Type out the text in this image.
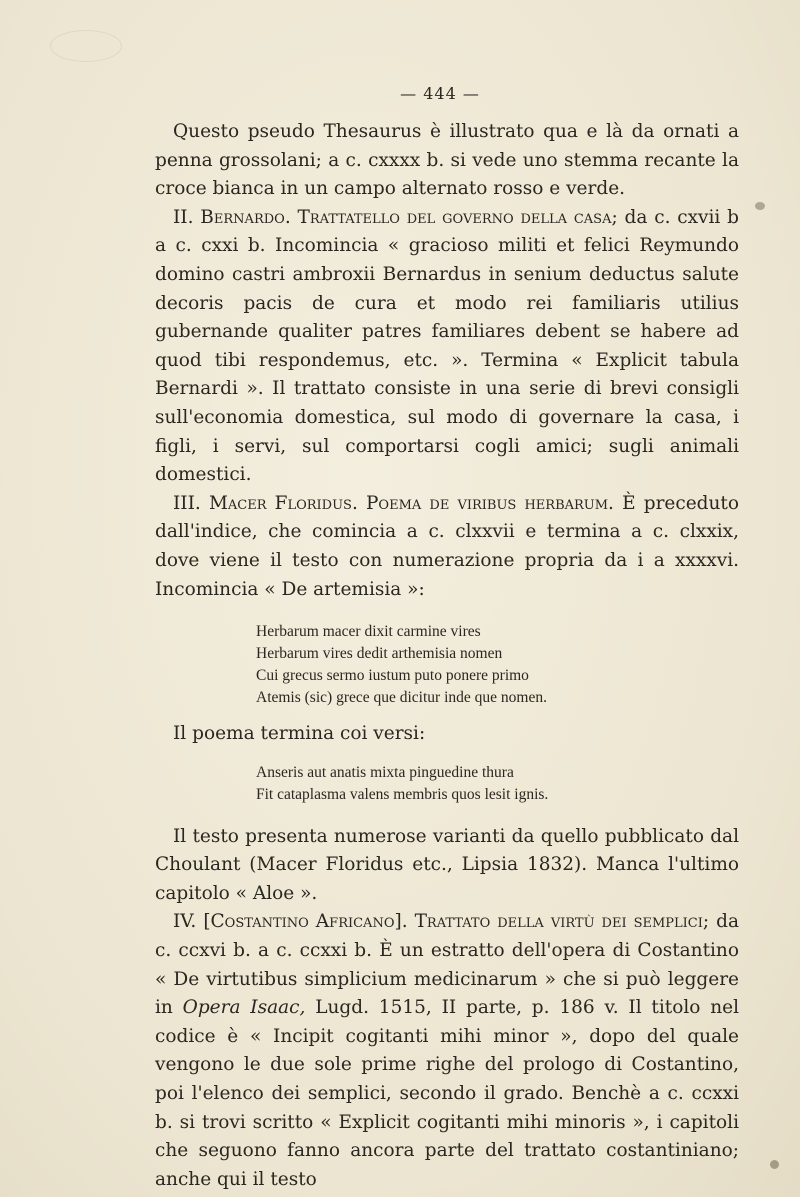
— 444 —

Questo pseudo Thesaurus è illustrato qua e là da ornati a penna grossolani; a c. cxxxx b. si vede uno stemma recante la croce bianca in un campo alternato rosso e verde.

II. Bernardo. Trattatello del governo della casa; da c. cxvii b a c. cxxi b. Incomincia « gracioso militi et felici Reymundo domino castri ambroxii Bernardus in senium deductus salute decoris pacis de cura et modo rei familiaris utilius gubernande qualiter patres familiares debent se habere ad quod tibi respondemus, etc. ». Termina « Explicit tabula Bernardi ». Il trattato consiste in una serie di brevi consigli sull'economia domestica, sul modo di governare la casa, i figli, i servi, sul comportarsi cogli amici; sugli animali domestici.

III. Macer Floridus. Poema de viribus herbarum. È preceduto dall'indice, che comincia a c. clxxvii e termina a c. clxxix, dove viene il testo con numerazione propria da i a xxxxvi. Incomincia « De artemisia »:

Herbarum macer dixit carmine vires
Herbarum vires dedit arthemisia nomen
Cui grecus sermo iustum puto ponere primo
Atemis (sic) grece que dicitur inde que nomen.

Il poema termina coi versi:

Anseris aut anatis mixta pinguedine thura
Fit cataplasma valens membris quos lesit ignis.

Il testo presenta numerose varianti da quello pubblicato dal Choulant (Macer Floridus etc., Lipsia 1832). Manca l'ultimo capitolo « Aloe ».

IV. [Costantino Africano]. Trattato della virtù dei semplici; da c. ccxvi b. a c. ccxxi b. È un estratto dell'opera di Costantino « De virtutibus simplicium medicinarum » che si può leggere in Opera Isaac, Lugd. 1515, II parte, p. 186 v. Il titolo nel codice è « Incipit cogitanti mihi minor », dopo del quale vengono le due sole prime righe del prologo di Costantino, poi l'elenco dei semplici, secondo il grado. Benchè a c. ccxxi b. si trovi scritto « Explicit cogitanti mihi minoris », i capitoli che seguono fanno ancora parte del trattato costantiniano; anche qui il testo
